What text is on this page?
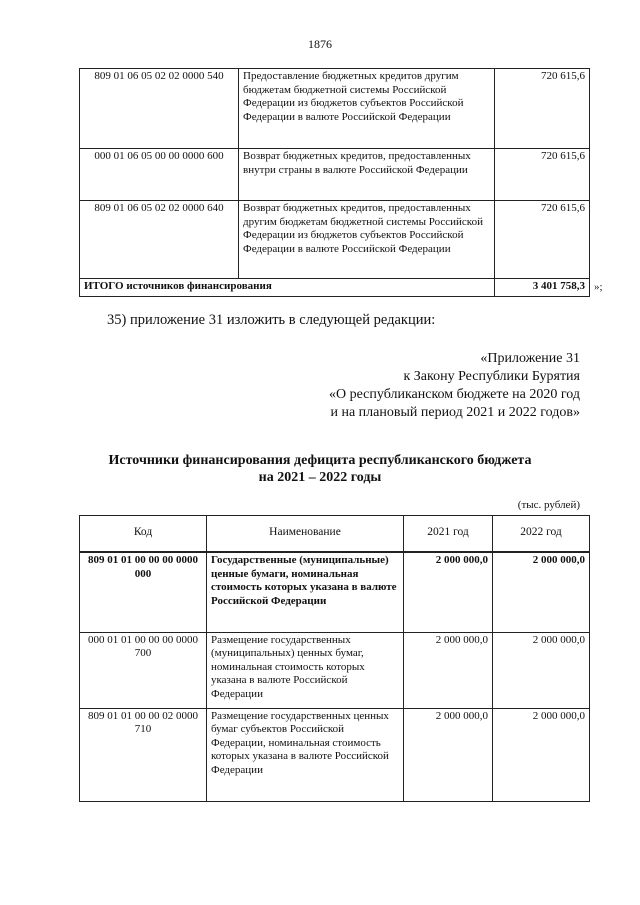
1876
809 01 06 05 02 02 0000 540	Предоставление бюджетных кредитов другим бюджетам бюджетной системы Российской Федерации из бюджетов субъектов Российской Федерации в валюте Российской Федерации	720 615,6
000 01 06 05 00 00 0000 600	Возврат бюджетных кредитов, предоставленных внутри страны в валюте Российской Федерации	720 615,6
809 01 06 05 02 02 0000 640	Возврат бюджетных кредитов, предоставленных другим бюджетам бюджетной системы Российской Федерации из бюджетов субъектов Российской Федерации в валюте Российской Федерации	720 615,6
ИТОГО источников финансирования		3 401 758,3 »;
35) приложение 31 изложить в следующей редакции:
«Приложение 31
к Закону Республики Бурятия
«О республиканском бюджете на 2020 год
и на плановый период 2021 и 2022 годов»
Источники финансирования дефицита республиканского бюджета
на 2021 – 2022 годы
(тыс. рублей)
Код	Наименование	2021 год	2022 год
809 01 01 00 00 00 0000 000	Государственные (муниципальные) ценные бумаги, номинальная стоимость которых указана в валюте Российской Федерации	2 000 000,0	2 000 000,0
000 01 01 00 00 00 0000 700	Размещение государственных (муниципальных) ценных бумаг, номинальная стоимость которых указана в валюте Российской Федерации	2 000 000,0	2 000 000,0
809 01 01 00 00 02 0000 710	Размещение государственных ценных бумаг субъектов Российской Федерации, номинальная стоимость которых указана в валюте Российской Федерации	2 000 000,0	2 000 000,0
